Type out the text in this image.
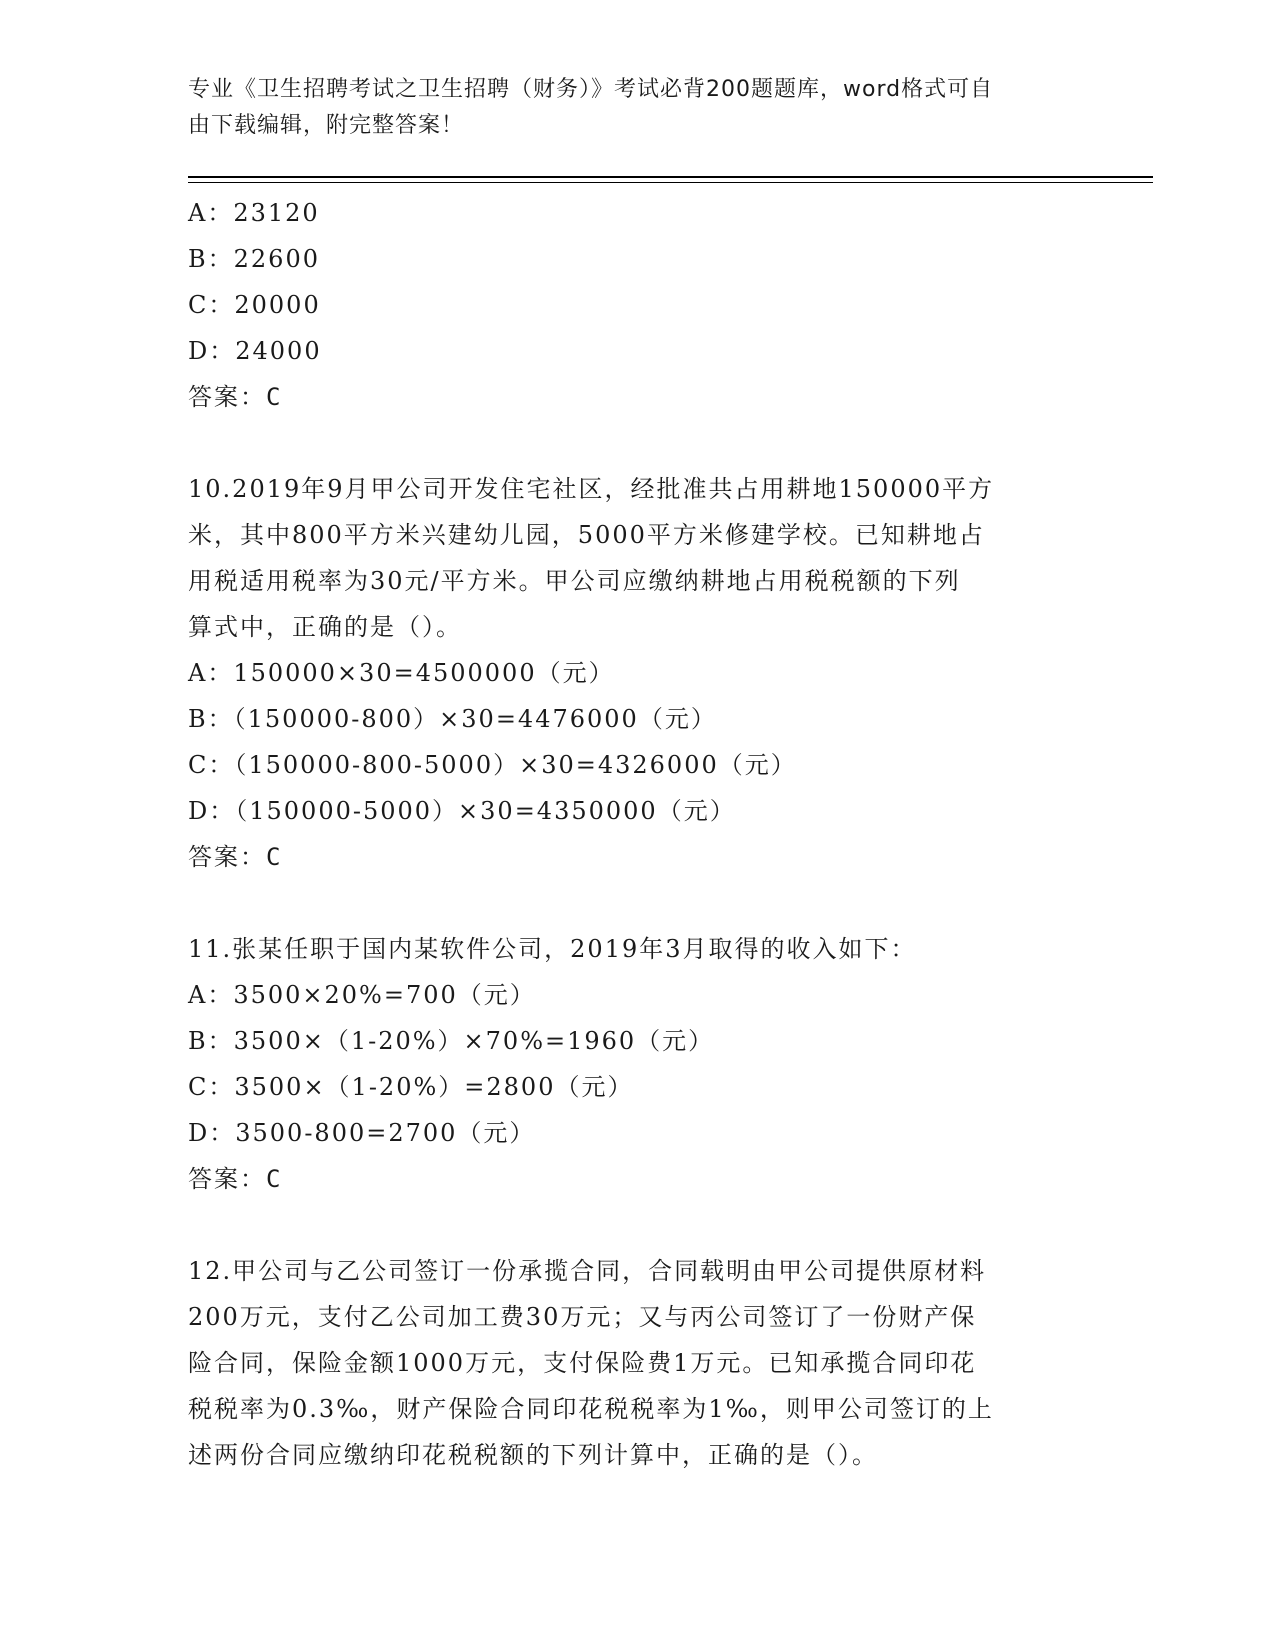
专业《卫生招聘考试之卫生招聘（财务）》考试必背200题题库，word格式可自
由下载编辑，附完整答案！
A：23120
B：22600
C：20000
D：24000
答案：C
10.2019年9月甲公司开发住宅社区，经批准共占用耕地150000平方
米，其中800平方米兴建幼儿园，5000平方米修建学校。已知耕地占
用税适用税率为30元/平方米。甲公司应缴纳耕地占用税税额的下列
算式中，正确的是（）。
A：150000×30=4500000（元）
B：（150000-800）×30=4476000（元）
C：（150000-800-5000）×30=4326000（元）
D：（150000-5000）×30=4350000（元）
答案：C
11.张某任职于国内某软件公司，2019年3月取得的收入如下：
A：3500×20%=700（元）
B：3500×（1-20%）×70%=1960（元）
C：3500×（1-20%）=2800（元）
D：3500-800=2700（元）
答案：C
12.甲公司与乙公司签订一份承揽合同，合同载明由甲公司提供原材料
200万元，支付乙公司加工费30万元；又与丙公司签订了一份财产保
险合同，保险金额1000万元，支付保险费1万元。已知承揽合同印花
税税率为0.3‰，财产保险合同印花税税率为1‰，则甲公司签订的上
述两份合同应缴纳印花税税额的下列计算中，正确的是（）。
